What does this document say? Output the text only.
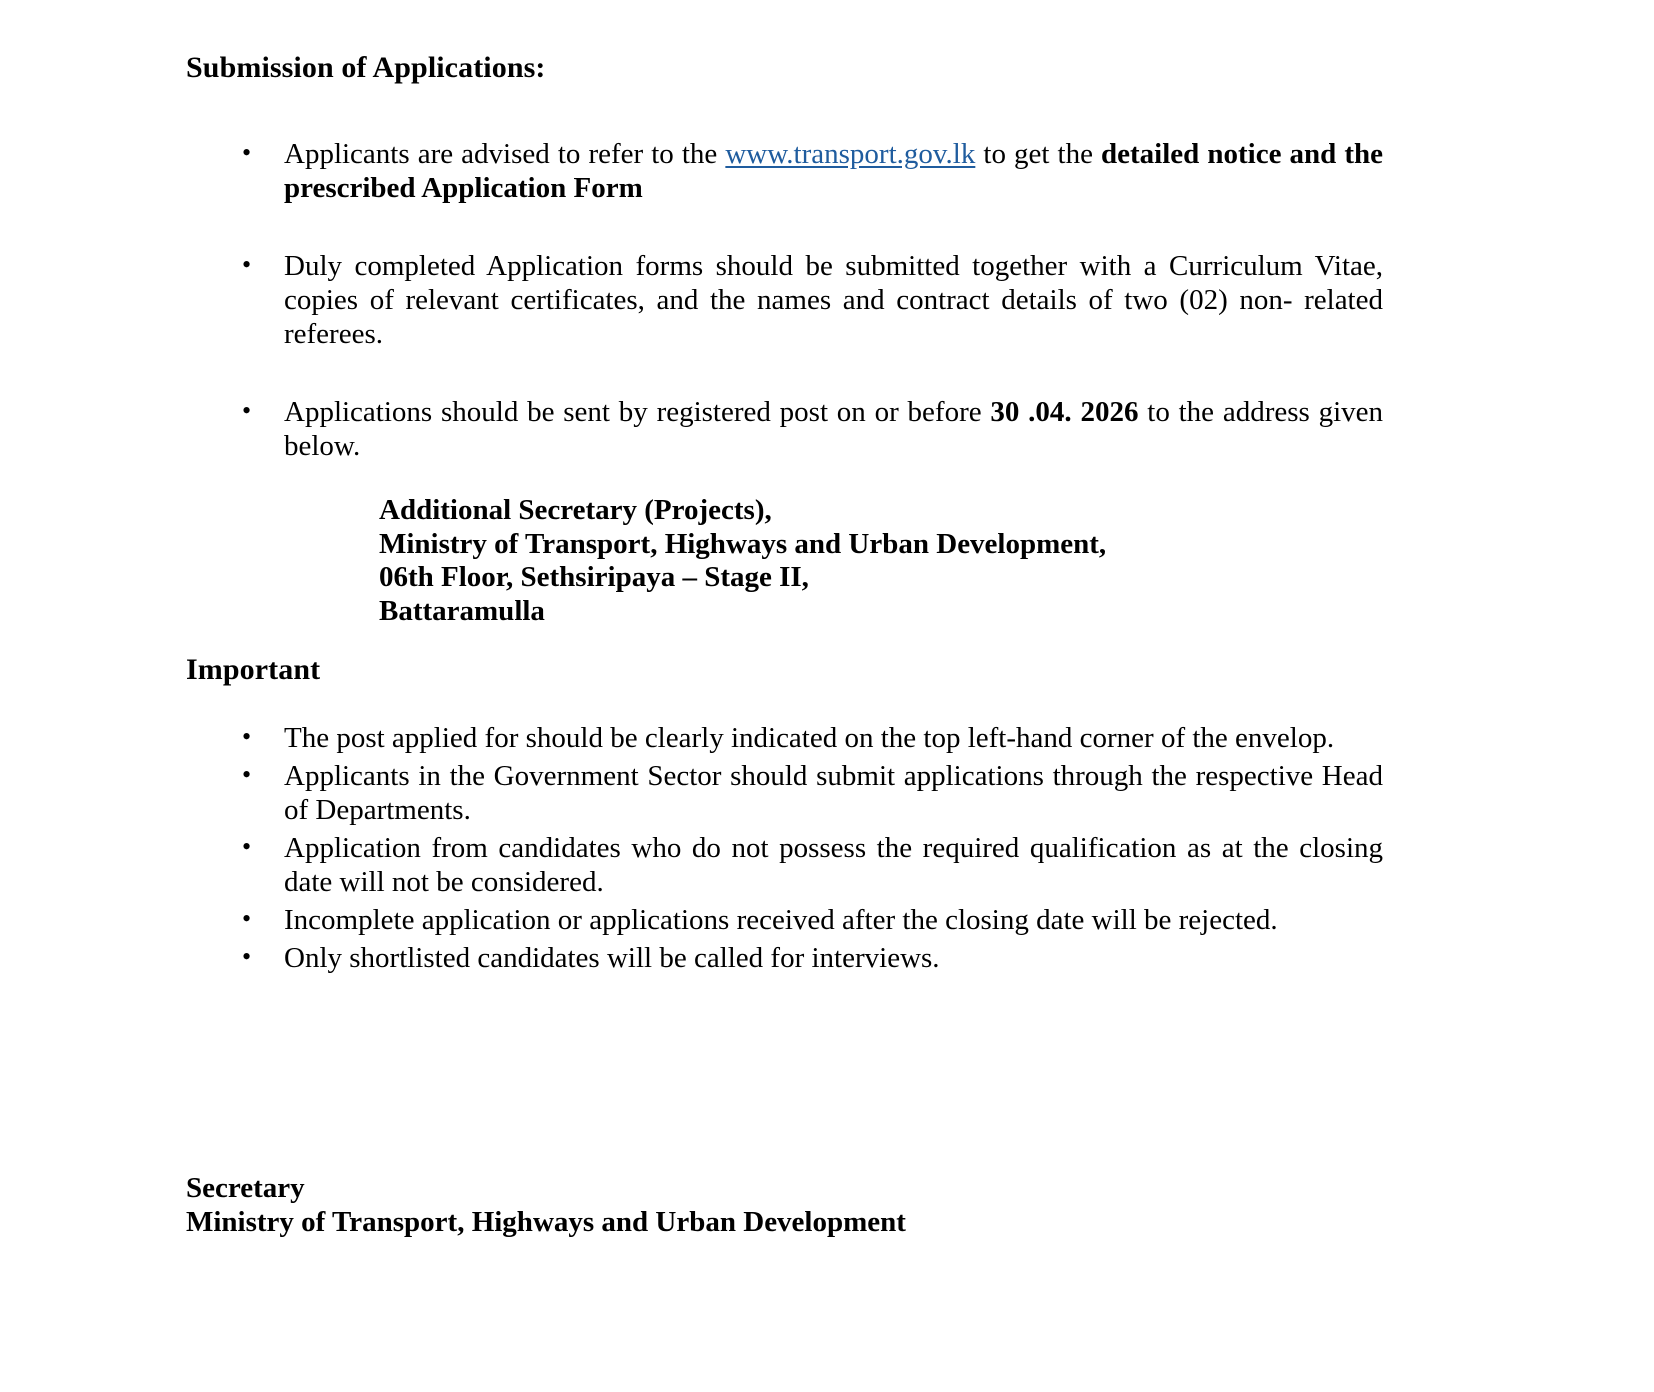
Submission of Applications:
• Applicants are advised to refer to the www.transport.gov.lk to get the detailed notice and the prescribed Application Form
• Duly completed Application forms should be submitted together with a Curriculum Vitae, copies of relevant certificates, and the names and contract details of two (02) non- related referees.
• Applications should be sent by registered post on or before 30 .04. 2026 to the address given below.
Additional Secretary (Projects),
Ministry of Transport, Highways and Urban Development,
06th Floor, Sethsiripaya – Stage II,
Battaramulla
Important
• The post applied for should be clearly indicated on the top left-hand corner of the envelop.
• Applicants in the Government Sector should submit applications through the respective Head of Departments.
• Application from candidates who do not possess the required qualification as at the closing date will not be considered.
• Incomplete application or applications received after the closing date will be rejected.
• Only shortlisted candidates will be called for interviews.
Secretary
Ministry of Transport, Highways and Urban Development
